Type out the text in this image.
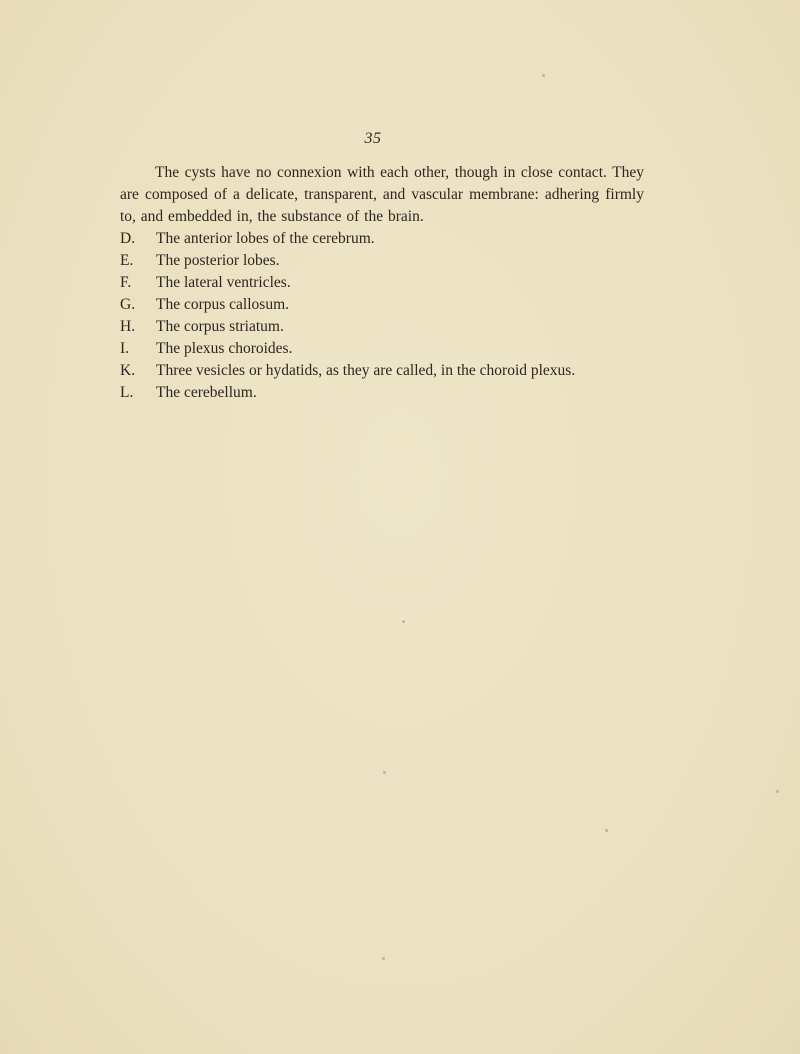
35

The cysts have no connexion with each other, though in close contact. They are composed of a delicate, transparent, and vascular membrane: adhering firmly to, and embedded in, the substance of the brain.

D.	The anterior lobes of the cerebrum.
E.	The posterior lobes.
F.	The lateral ventricles.
G.	The corpus callosum.
H.	The corpus striatum.
I.	The plexus choroides.
K.	Three vesicles or hydatids, as they are called, in the choroid plexus.
L.	The cerebellum.
